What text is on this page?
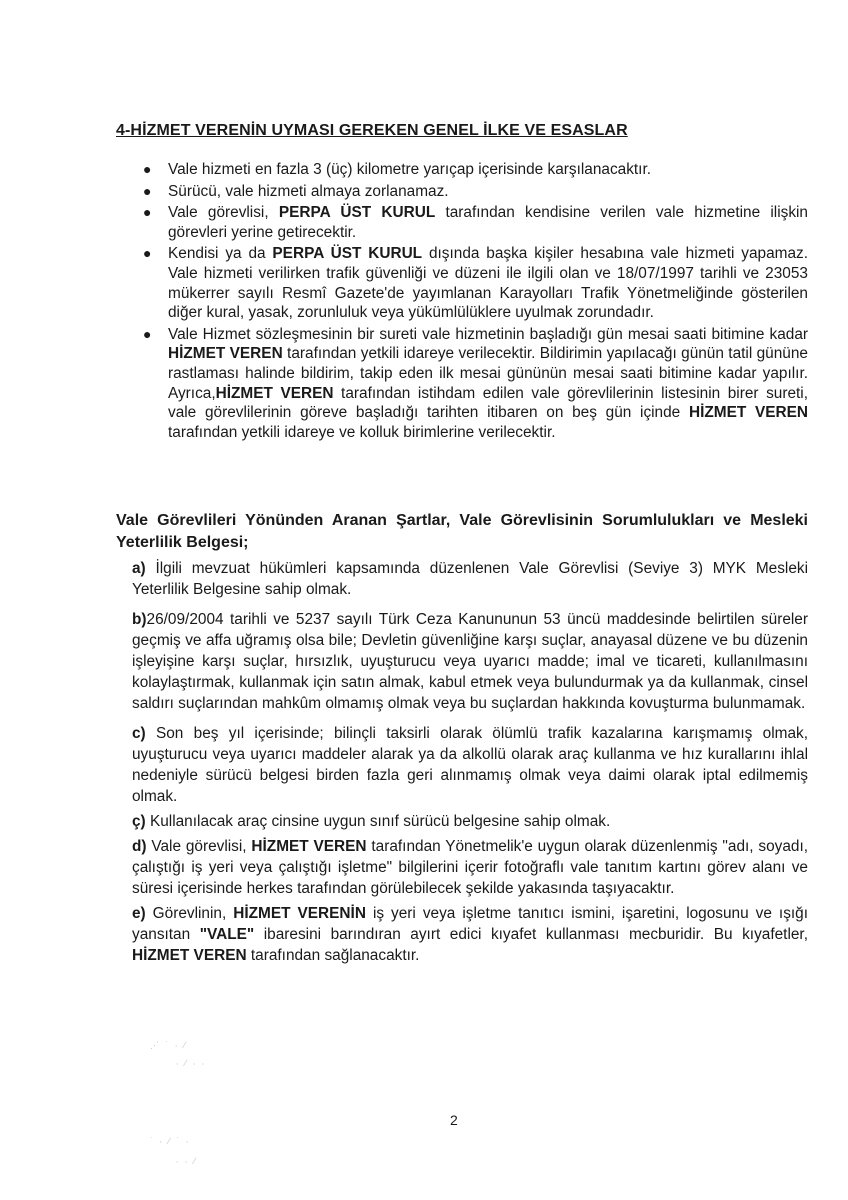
4-HİZMET VERENİN UYMASI GEREKEN GENEL İLKE VE ESASLAR
● Vale hizmeti en fazla 3 (üç) kilometre yarıçap içerisinde karşılanacaktır.
● Sürücü, vale hizmeti almaya zorlanamaz.
● Vale görevlisi, PERPA ÜST KURUL tarafından kendisine verilen vale hizmetine ilişkin görevleri yerine getirecektir.
● Kendisi ya da PERPA ÜST KURUL dışında başka kişiler hesabına vale hizmeti yapamaz. Vale hizmeti verilirken trafik güvenliği ve düzeni ile ilgili olan ve 18/07/1997 tarihli ve 23053 mükerrer sayılı Resmî Gazete'de yayımlanan Karayolları Trafik Yönetmeliğinde gösterilen diğer kural, yasak, zorunluluk veya yükümlülüklere uyulmak zorundadır.
● Vale Hizmet sözleşmesinin bir sureti vale hizmetinin başladığı gün mesai saati bitimine kadar HİZMET VEREN tarafından yetkili idareye verilecektir. Bildirimin yapılacağı günün tatil gününe rastlaması halinde bildirim, takip eden ilk mesai gününün mesai saati bitimine kadar yapılır. Ayrıca,HİZMET VEREN tarafından istihdam edilen vale görevlilerinin listesinin birer sureti, vale görevlilerinin göreve başladığı tarihten itibaren on beş gün içinde HİZMET VEREN tarafından yetkili idareye ve kolluk birimlerine verilecektir.
Vale Görevlileri Yönünden Aranan Şartlar, Vale Görevlisinin Sorumlulukları ve Mesleki Yeterlilik Belgesi;

a) İlgili mevzuat hükümleri kapsamında düzenlenen Vale Görevlisi (Seviye 3) MYK Mesleki Yeterlilik Belgesine sahip olmak.

b)26/09/2004 tarihli ve 5237 sayılı Türk Ceza Kanununun 53 üncü maddesinde belirtilen süreler geçmiş ve affa uğramış olsa bile; Devletin güvenliğine karşı suçlar, anayasal düzene ve bu düzenin işleyişine karşı suçlar, hırsızlık, uyuşturucu veya uyarıcı madde; imal ve ticareti, kullanılmasını kolaylaştırmak, kullanmak için satın almak, kabul etmek veya bulundurmak ya da kullanmak, cinsel saldırı suçlarından mahkûm olmamış olmak veya bu suçlardan hakkında kovuşturma bulunmamak.

c) Son beş yıl içerisinde; bilinçli taksirli olarak ölümlü trafik kazalarına karışmamış olmak, uyuşturucu veya uyarıcı maddeler alarak ya da alkollü olarak araç kullanma ve hız kurallarını ihlal nedeniyle sürücü belgesi birden fazla geri alınmamış olmak veya daimi olarak iptal edilmemiş olmak.

ç) Kullanılacak araç cinsine uygun sınıf sürücü belgesine sahip olmak.

d) Vale görevlisi, HİZMET VEREN tarafından Yönetmelik'e uygun olarak düzenlenmiş "adı, soyadı, çalıştığı iş yeri veya çalıştığı işletme" bilgilerini içerir fotoğraflı vale tanıtım kartını görev alanı ve süresi içerisinde herkes tarafından görülebilecek şekilde yakasında taşıyacaktır.

e) Görevlinin, HİZMET VERENİN iş yeri veya işletme tanıtıcı ismini, işaretini, logosunu ve ışığı yansıtan "VALE" ibaresini barındıran ayırt edici kıyafet kullanması mecburidir. Bu kıyafetler, HİZMET VEREN tarafından sağlanacaktır.

⋰ ˙ ⸳ ⁄
⸳ ⁄ ⸳ ⸳
˙ ⸳ ⁄ ˙ ⸳
⸳ ⸳ ⁄
2
